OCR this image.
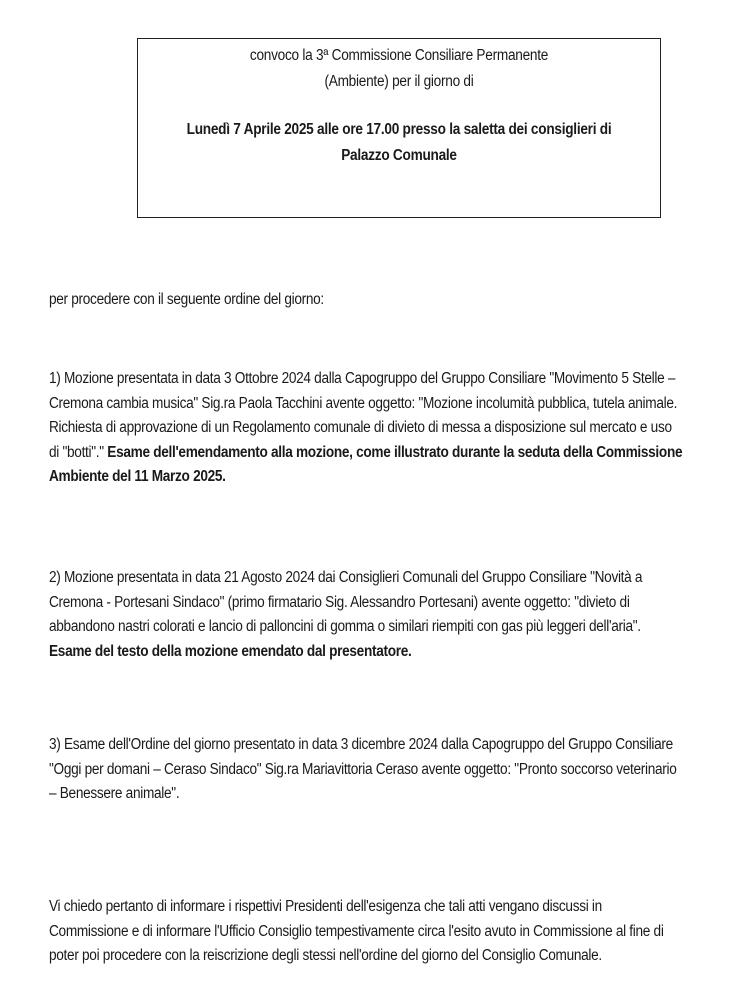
convoco la 3ª Commissione Consiliare Permanente
(Ambiente) per il giorno di
Lunedì 7 Aprile 2025 alle ore 17.00 presso la saletta dei consiglieri di
Palazzo Comunale
per procedere con il seguente ordine del giorno:
1) Mozione presentata in data 3 Ottobre 2024 dalla Capogruppo del Gruppo Consiliare "Movimento 5 Stelle –
Cremona cambia musica" Sig.ra Paola Tacchini avente oggetto: "Mozione incolumità pubblica, tutela animale.
Richiesta di approvazione di un Regolamento comunale di divieto di messa a disposizione sul mercato e uso
di "botti"." Esame dell'emendamento alla mozione, come illustrato durante la seduta della Commissione
Ambiente del 11 Marzo 2025.
2) Mozione presentata in data 21 Agosto 2024 dai Consiglieri Comunali del Gruppo Consiliare "Novità a
Cremona - Portesani Sindaco" (primo firmatario Sig. Alessandro Portesani) avente oggetto: "divieto di
abbandono nastri colorati e lancio di palloncini di gomma o similari riempiti con gas più leggeri dell'aria".
Esame del testo della mozione emendato dal presentatore.
3) Esame dell'Ordine del giorno presentato in data 3 dicembre 2024 dalla Capogruppo del Gruppo Consiliare
"Oggi per domani – Ceraso Sindaco" Sig.ra Mariavittoria Ceraso avente oggetto: "Pronto soccorso veterinario
– Benessere animale".
Vi chiedo pertanto di informare i rispettivi Presidenti dell'esigenza che tali atti vengano discussi in
Commissione e di informare l'Ufficio Consiglio tempestivamente circa l'esito avuto in Commissione al fine di
poter poi procedere con la reiscrizione degli stessi nell'ordine del giorno del Consiglio Comunale.
